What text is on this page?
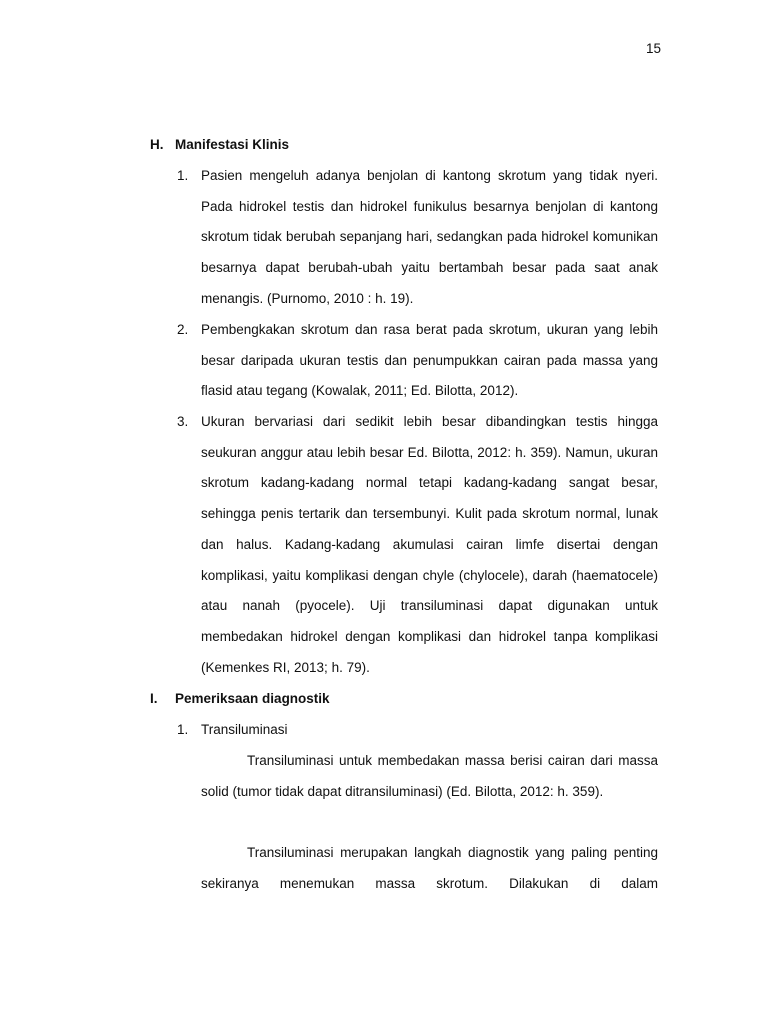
15
H. Manifestasi Klinis
1. Pasien mengeluh adanya benjolan di kantong skrotum yang tidak nyeri. Pada hidrokel testis dan hidrokel funikulus besarnya benjolan di kantong skrotum tidak berubah sepanjang hari, sedangkan pada hidrokel komunikan besarnya dapat berubah-ubah yaitu bertambah besar pada saat anak menangis. (Purnomo, 2010 : h. 19).
2. Pembengkakan skrotum dan rasa berat pada skrotum, ukuran yang lebih besar daripada ukuran testis dan penumpukkan cairan pada massa yang flasid atau tegang (Kowalak, 2011; Ed. Bilotta, 2012).
3. Ukuran bervariasi dari sedikit lebih besar dibandingkan testis hingga seukuran anggur atau lebih besar Ed. Bilotta, 2012: h. 359). Namun, ukuran skrotum kadang-kadang normal tetapi kadang-kadang sangat besar, sehingga penis tertarik dan tersembunyi. Kulit pada skrotum normal, lunak dan halus. Kadang-kadang akumulasi cairan limfe disertai dengan komplikasi, yaitu komplikasi dengan chyle (chylocele), darah (haematocele) atau nanah (pyocele). Uji transiluminasi dapat digunakan untuk membedakan hidrokel dengan komplikasi dan hidrokel tanpa komplikasi (Kemenkes RI, 2013; h. 79).
I. Pemeriksaan diagnostik
1. Transiluminasi
Transiluminasi untuk membedakan massa berisi cairan dari massa solid (tumor tidak dapat ditransiluminasi) (Ed. Bilotta, 2012: h. 359).
Transiluminasi merupakan langkah diagnostik yang paling penting sekiranya menemukan massa skrotum. Dilakukan di dalam
